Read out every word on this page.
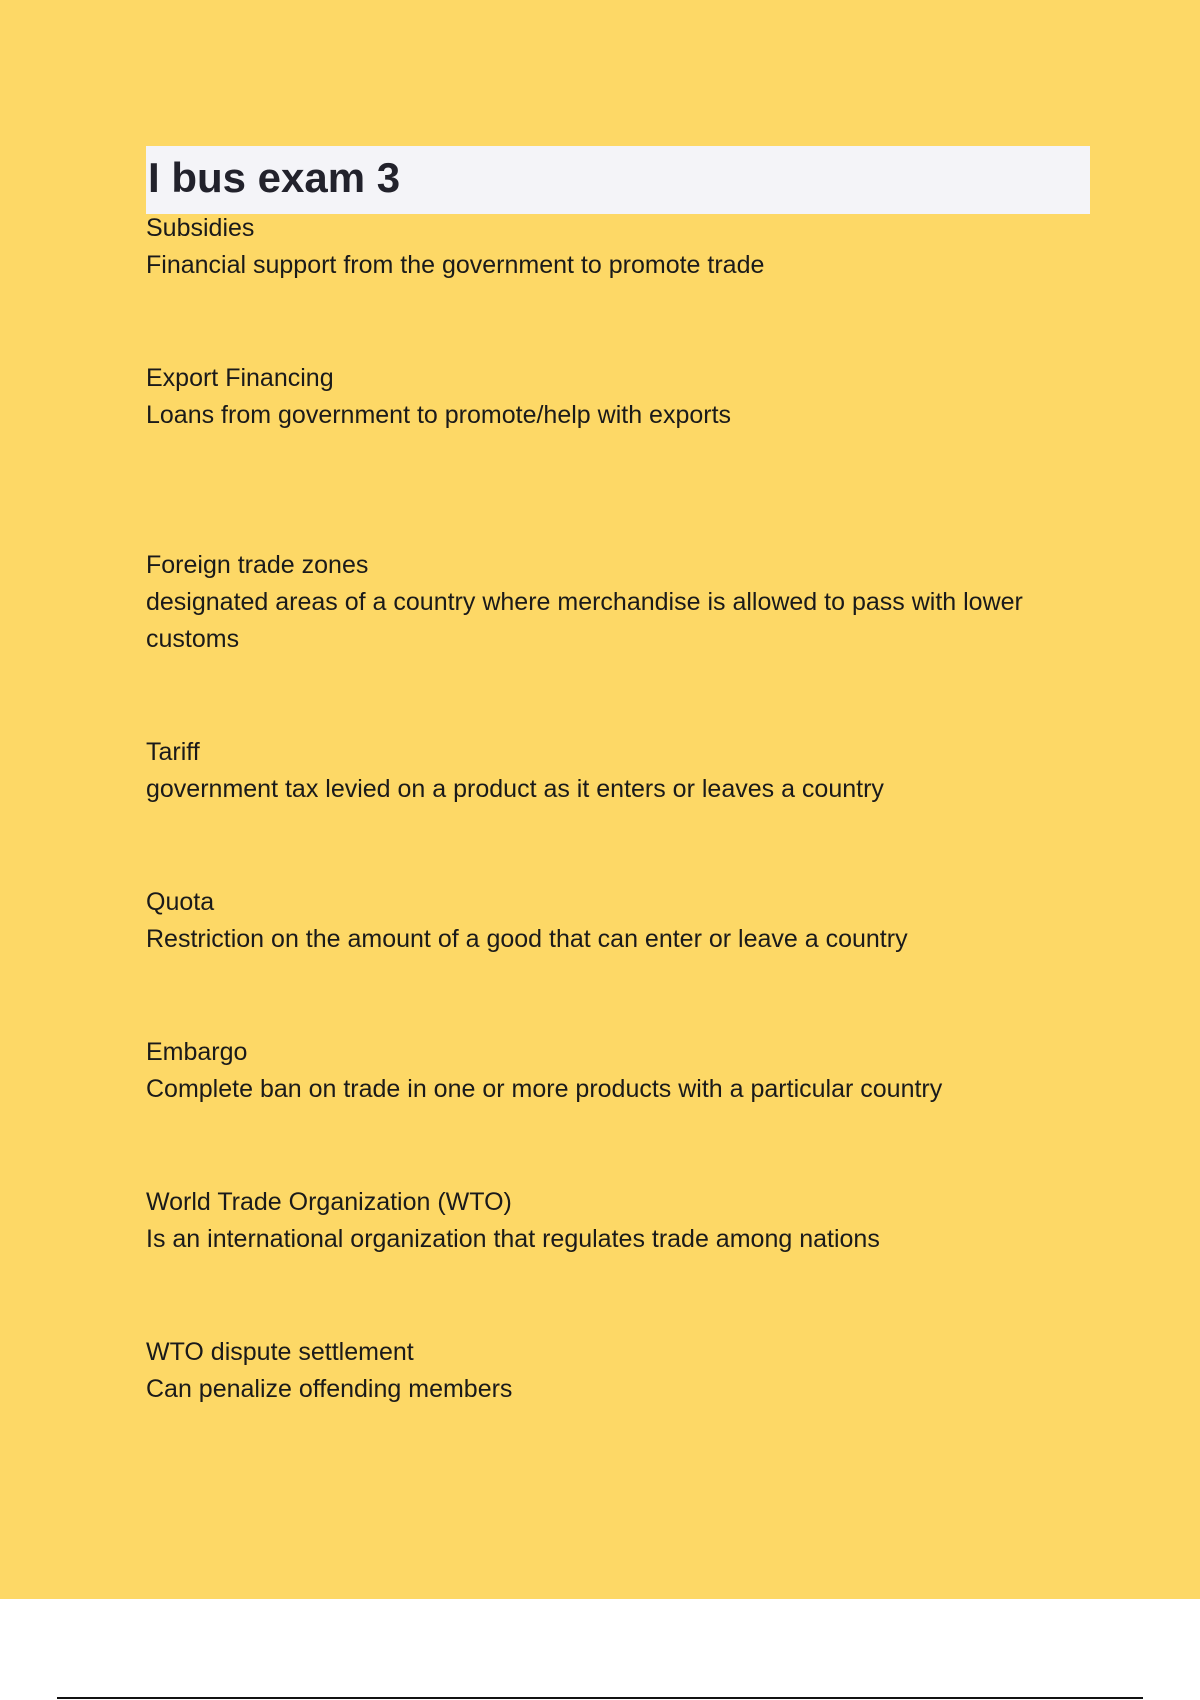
I bus exam 3
Subsidies
Financial support from the government to promote trade
Export Financing
Loans from government to promote/help with exports
Foreign trade zones
designated areas of a country where merchandise is allowed to pass with lower customs
Tariff
government tax levied on a product as it enters or leaves a country
Quota
Restriction on the amount of a good that can enter or leave a country
Embargo
Complete ban on trade in one or more products with a particular country
World Trade Organization (WTO)
Is an international organization that regulates trade among nations
WTO dispute settlement
Can penalize offending members
